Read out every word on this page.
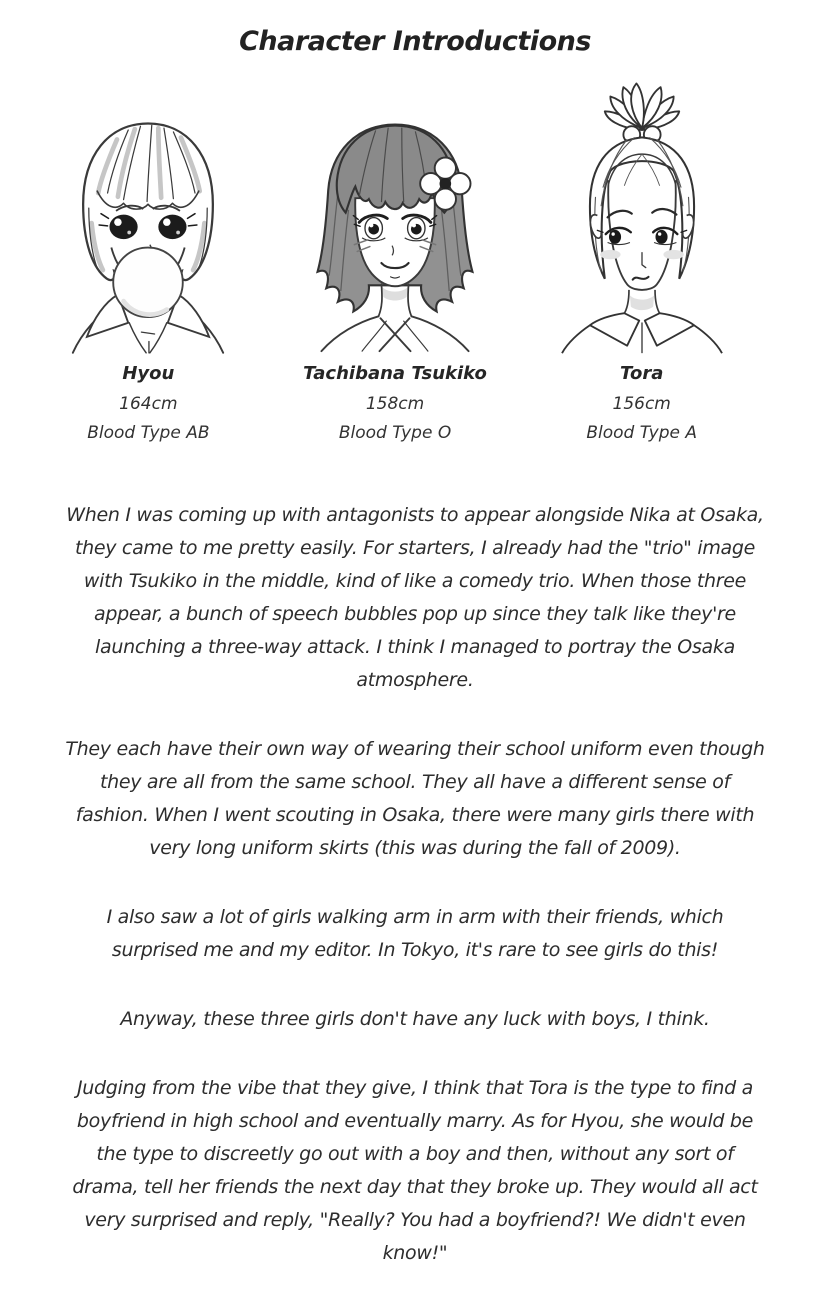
Character Introductions
Hyou
164cm
Blood Type AB
Tachibana Tsukiko
158cm
Blood Type O
Tora
156cm
Blood Type A

When I was coming up with antagonists to appear alongside Nika at Osaka, they came to me pretty easily. For starters, I already had the "trio" image with Tsukiko in the middle, kind of like a comedy trio. When those three appear, a bunch of speech bubbles pop up since they talk like they're launching a three-way attack. I think I managed to portray the Osaka atmosphere.

They each have their own way of wearing their school uniform even though they are all from the same school. They all have a different sense of fashion. When I went scouting in Osaka, there were many girls there with very long uniform skirts (this was during the fall of 2009).

I also saw a lot of girls walking arm in arm with their friends, which surprised me and my editor. In Tokyo, it's rare to see girls do this!

Anyway, these three girls don't have any luck with boys, I think.

Judging from the vibe that they give, I think that Tora is the type to find a boyfriend in high school and eventually marry. As for Hyou, she would be the type to discreetly go out with a boy and then, without any sort of drama, tell her friends the next day that they broke up. They would all act very surprised and reply, "Really? You had a boyfriend?! We didn't even know!"
